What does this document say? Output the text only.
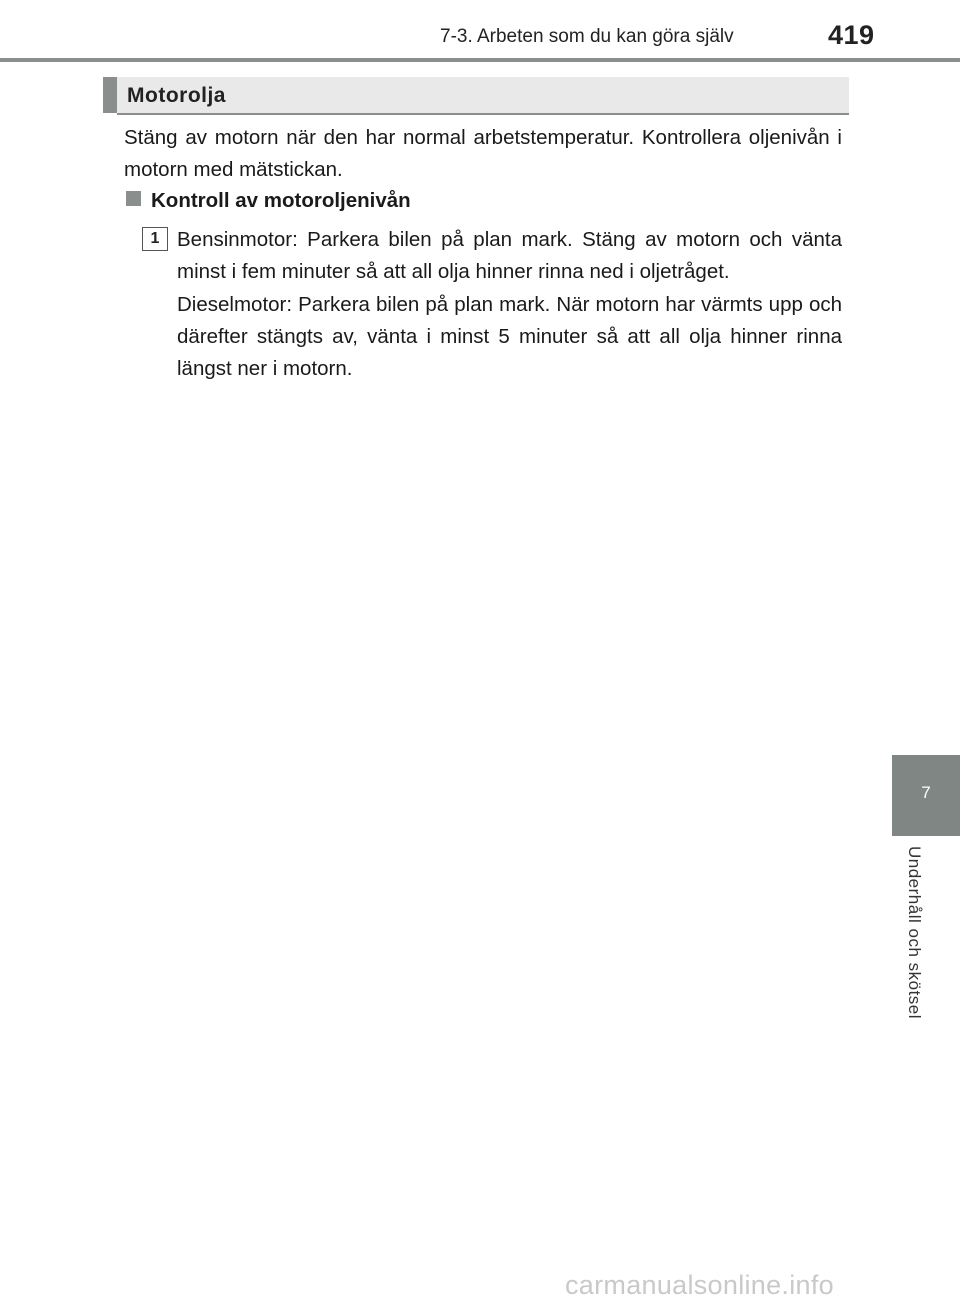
7-3. Arbeten som du kan göra själv	419
Motorolja

Stäng av motorn när den har normal arbetstemperatur. Kontrollera oljenivån i motorn med mätstickan.

Kontroll av motoroljenivån
1 Bensinmotor: Parkera bilen på plan mark. Stäng av motorn och vänta minst i fem minuter så att all olja hinner rinna ned i oljetråget.

Dieselmotor: Parkera bilen på plan mark. När motorn har värmts upp och därefter stängts av, vänta i minst 5 minuter så att all olja hinner rinna längst ner i motorn.

7
Underhåll och skötsel
carmanualsonline.info
